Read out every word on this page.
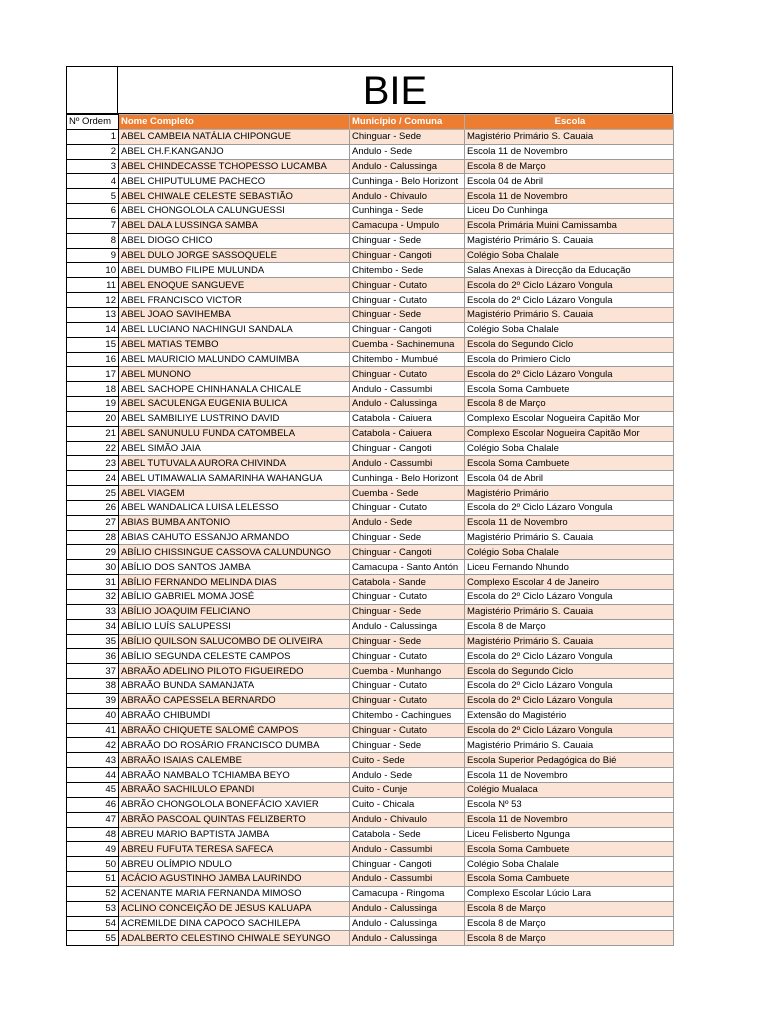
BIE
Nº Ordem	Nome Completo	Município / Comuna	Escola
1	ABEL CAMBEIA NATÁLIA CHIPONGUE	Chinguar - Sede	Magistério Primário S. Cauaia
2	ABEL CH.F.KANGANJO	Andulo - Sede	Escola 11 de Novembro
3	ABEL CHINDECASSE TCHOPESSO LUCAMBA	Andulo - Calussinga	Escola 8 de Março
4	ABEL CHIPUTULUME PACHECO	Cunhinga - Belo Horizont	Escola 04 de Abril
5	ABEL CHIWALE CELESTE SEBASTIÃO	Andulo - Chivaulo	Escola 11 de Novembro
6	ABEL CHONGOLOLA CALUNGUESSI	Cunhinga - Sede	Liceu Do Cunhinga
7	ABEL DALA LUSSINGA SAMBA	Camacupa - Umpulo	Escola Primária Muini Camissamba
8	ABEL DIOGO CHICO	Chinguar - Sede	Magistério Primário S. Cauaia
9	ABEL DULO JORGE SASSOQUELE	Chinguar - Cangoti	Colégio Soba Chalale
10	ABEL DUMBO FILIPE MULUNDA	Chitembo - Sede	Salas Anexas à Direcção da Educação
11	ABEL ENOQUE SANGUEVE	Chinguar - Cutato	Escola do 2º Ciclo Lázaro Vongula
12	ABEL FRANCISCO VICTOR	Chinguar - Cutato	Escola do 2º Ciclo Lázaro Vongula
13	ABEL JOAO SAVIHEMBA	Chinguar - Sede	Magistério Primário S. Cauaia
14	ABEL LUCIANO NACHINGUI SANDALA	Chinguar - Cangoti	Colégio Soba Chalale
15	ABEL MATIAS TEMBO	Cuemba - Sachinemuna	Escola do Segundo Ciclo
16	ABEL MAURICIO MALUNDO CAMUIMBA	Chitembo - Mumbué	Escola do Primiero Ciclo
17	ABEL MUNONO	Chinguar - Cutato	Escola do 2º Ciclo Lázaro Vongula
18	ABEL SACHOPE CHINHANALA CHICALE	Andulo - Cassumbi	Escola Soma Cambuete
19	ABEL SACULENGA EUGENIA BULICA	Andulo - Calussinga	Escola 8 de Março
20	ABEL SAMBILIYE LUSTRINO DAVID	Catabola - Caiuera	Complexo Escolar Nogueira Capitão Mor
21	ABEL SANUNULU FUNDA CATOMBELA	Catabola - Caiuera	Complexo Escolar Nogueira Capitão Mor
22	ABEL SIMÃO JAIA	Chinguar - Cangoti	Colégio Soba Chalale
23	ABEL TUTUVALA AURORA CHIVINDA	Andulo - Cassumbi	Escola Soma Cambuete
24	ABEL UTIMAWALIA SAMARINHA WAHANGUA	Cunhinga - Belo Horizont	Escola 04 de Abril
25	ABEL VIAGEM	Cuemba - Sede	Magistério Primário
26	ABEL WANDALICA LUISA LELESSO	Chinguar - Cutato	Escola do 2º Ciclo Lázaro Vongula
27	ABIAS BUMBA ANTONIO	Andulo - Sede	Escola 11 de Novembro
28	ABIAS CAHUTO ESSANJO ARMANDO	Chinguar - Sede	Magistério Primário S. Cauaia
29	ABÍLIO CHISSINGUE CASSOVA CALUNDUNGO	Chinguar - Cangoti	Colégio Soba Chalale
30	ABÍLIO DOS SANTOS JAMBA	Camacupa - Santo Antón	Liceu Fernando Nhundo
31	ABÍLIO FERNANDO MELINDA DIAS	Catabola - Sande	Complexo Escolar 4 de Janeiro
32	ABÍLIO GABRIEL MOMA JOSÉ	Chinguar - Cutato	Escola do 2º Ciclo Lázaro Vongula
33	ABÍLIO JOAQUIM FELICIANO	Chinguar - Sede	Magistério Primário S. Cauaia
34	ABÍLIO LUÍS SALUPESSI	Andulo - Calussinga	Escola 8 de Março
35	ABÍLIO QUILSON SALUCOMBO DE OLIVEIRA	Chinguar - Sede	Magistério Primário S. Cauaia
36	ABÍLIO SEGUNDA CELESTE CAMPOS	Chinguar - Cutato	Escola do 2º Ciclo Lázaro Vongula
37	ABRAÃO ADELINO PILOTO FIGUEIREDO	Cuemba - Munhango	Escola do Segundo Ciclo
38	ABRAÃO BUNDA SAMANJATA	Chinguar - Cutato	Escola do 2º Ciclo Lázaro Vongula
39	ABRAÃO CAPESSELA BERNARDO	Chinguar - Cutato	Escola do 2º Ciclo Lázaro Vongula
40	ABRAÃO CHIBUMDI	Chitembo - Cachingues	Extensão do Magistério
41	ABRAÃO CHIQUETE SALOMÉ CAMPOS	Chinguar - Cutato	Escola do 2º Ciclo Lázaro Vongula
42	ABRAÃO DO ROSÁRIO FRANCISCO DUMBA	Chinguar - Sede	Magistério Primário S. Cauaia
43	ABRAÃO ISAIAS CALEMBE	Cuito - Sede	Escola Superior Pedagógica do Bié
44	ABRAÃO NAMBALO TCHIAMBA BEYO	Andulo - Sede	Escola 11 de Novembro
45	ABRAÃO SACHILULO EPANDI	Cuito - Cunje	Colégio Mualaca
46	ABRÃO CHONGOLOLA BONEFÁCIO XAVIER	Cuito - Chicala	Escola Nº 53
47	ABRÃO PASCOAL QUINTAS FELIZBERTO	Andulo - Chivaulo	Escola 11 de Novembro
48	ABREU MARIO BAPTISTA JAMBA	Catabola - Sede	Liceu Felisberto Ngunga
49	ABREU FUFUTA TERESA SAFECA	Andulo - Cassumbi	Escola Soma Cambuete
50	ABREU OLÍMPIO NDULO	Chinguar - Cangoti	Colégio Soba Chalale
51	ACÁCIO AGUSTINHO JAMBA LAURINDO	Andulo - Cassumbi	Escola Soma Cambuete
52	ACENANTE MARIA FERNANDA MIMOSO	Camacupa - Ringoma	Complexo Escolar Lúcio Lara
53	ACLINO CONCEIÇÃO DE JESUS KALUAPA	Andulo - Calussinga	Escola 8 de Março
54	ACREMILDE DINA CAPOCO SACHILEPA	Andulo - Calussinga	Escola 8 de Março
55	ADALBERTO CELESTINO CHIWALE SEYUNGO	Andulo - Calussinga	Escola 8 de Março
